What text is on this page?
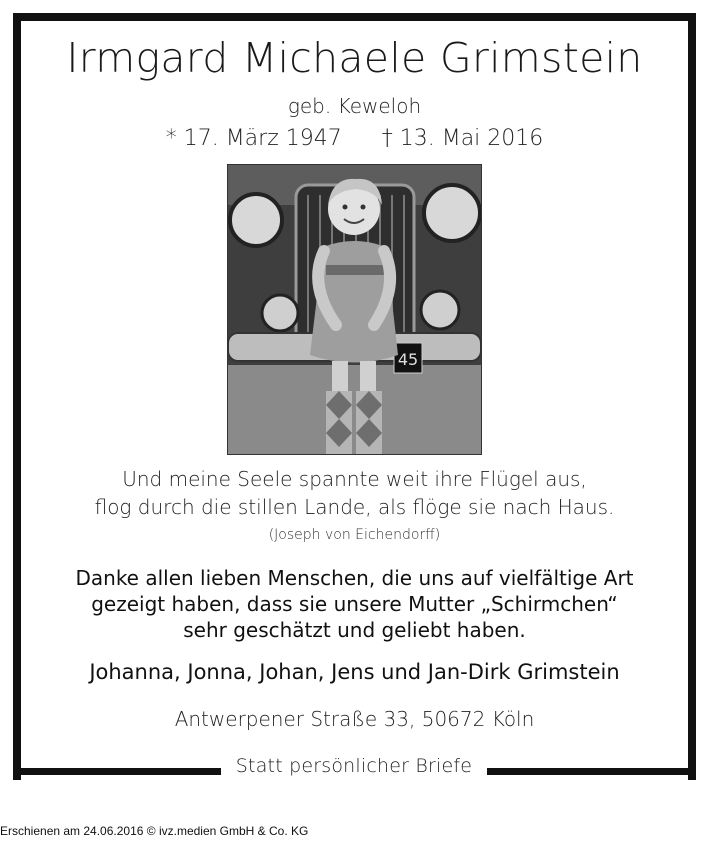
Irmgard Michaele Grimstein
geb. Keweloh
* 17. März 1947 † 13. Mai 2016
45
Und meine Seele spannte weit ihre Flügel aus,
flog durch die stillen Lande, als flöge sie nach Haus.
(Joseph von Eichendorff)
Danke allen lieben Menschen, die uns auf vielfältige Art
gezeigt haben, dass sie unsere Mutter „Schirmchen“
sehr geschätzt und geliebt haben.
Johanna, Jonna, Johan, Jens und Jan-Dirk Grimstein
Antwerpener Straße 33, 50672 Köln
Statt persönlicher Briefe
Erschienen am 24.06.2016 © ivz.medien GmbH & Co. KG
